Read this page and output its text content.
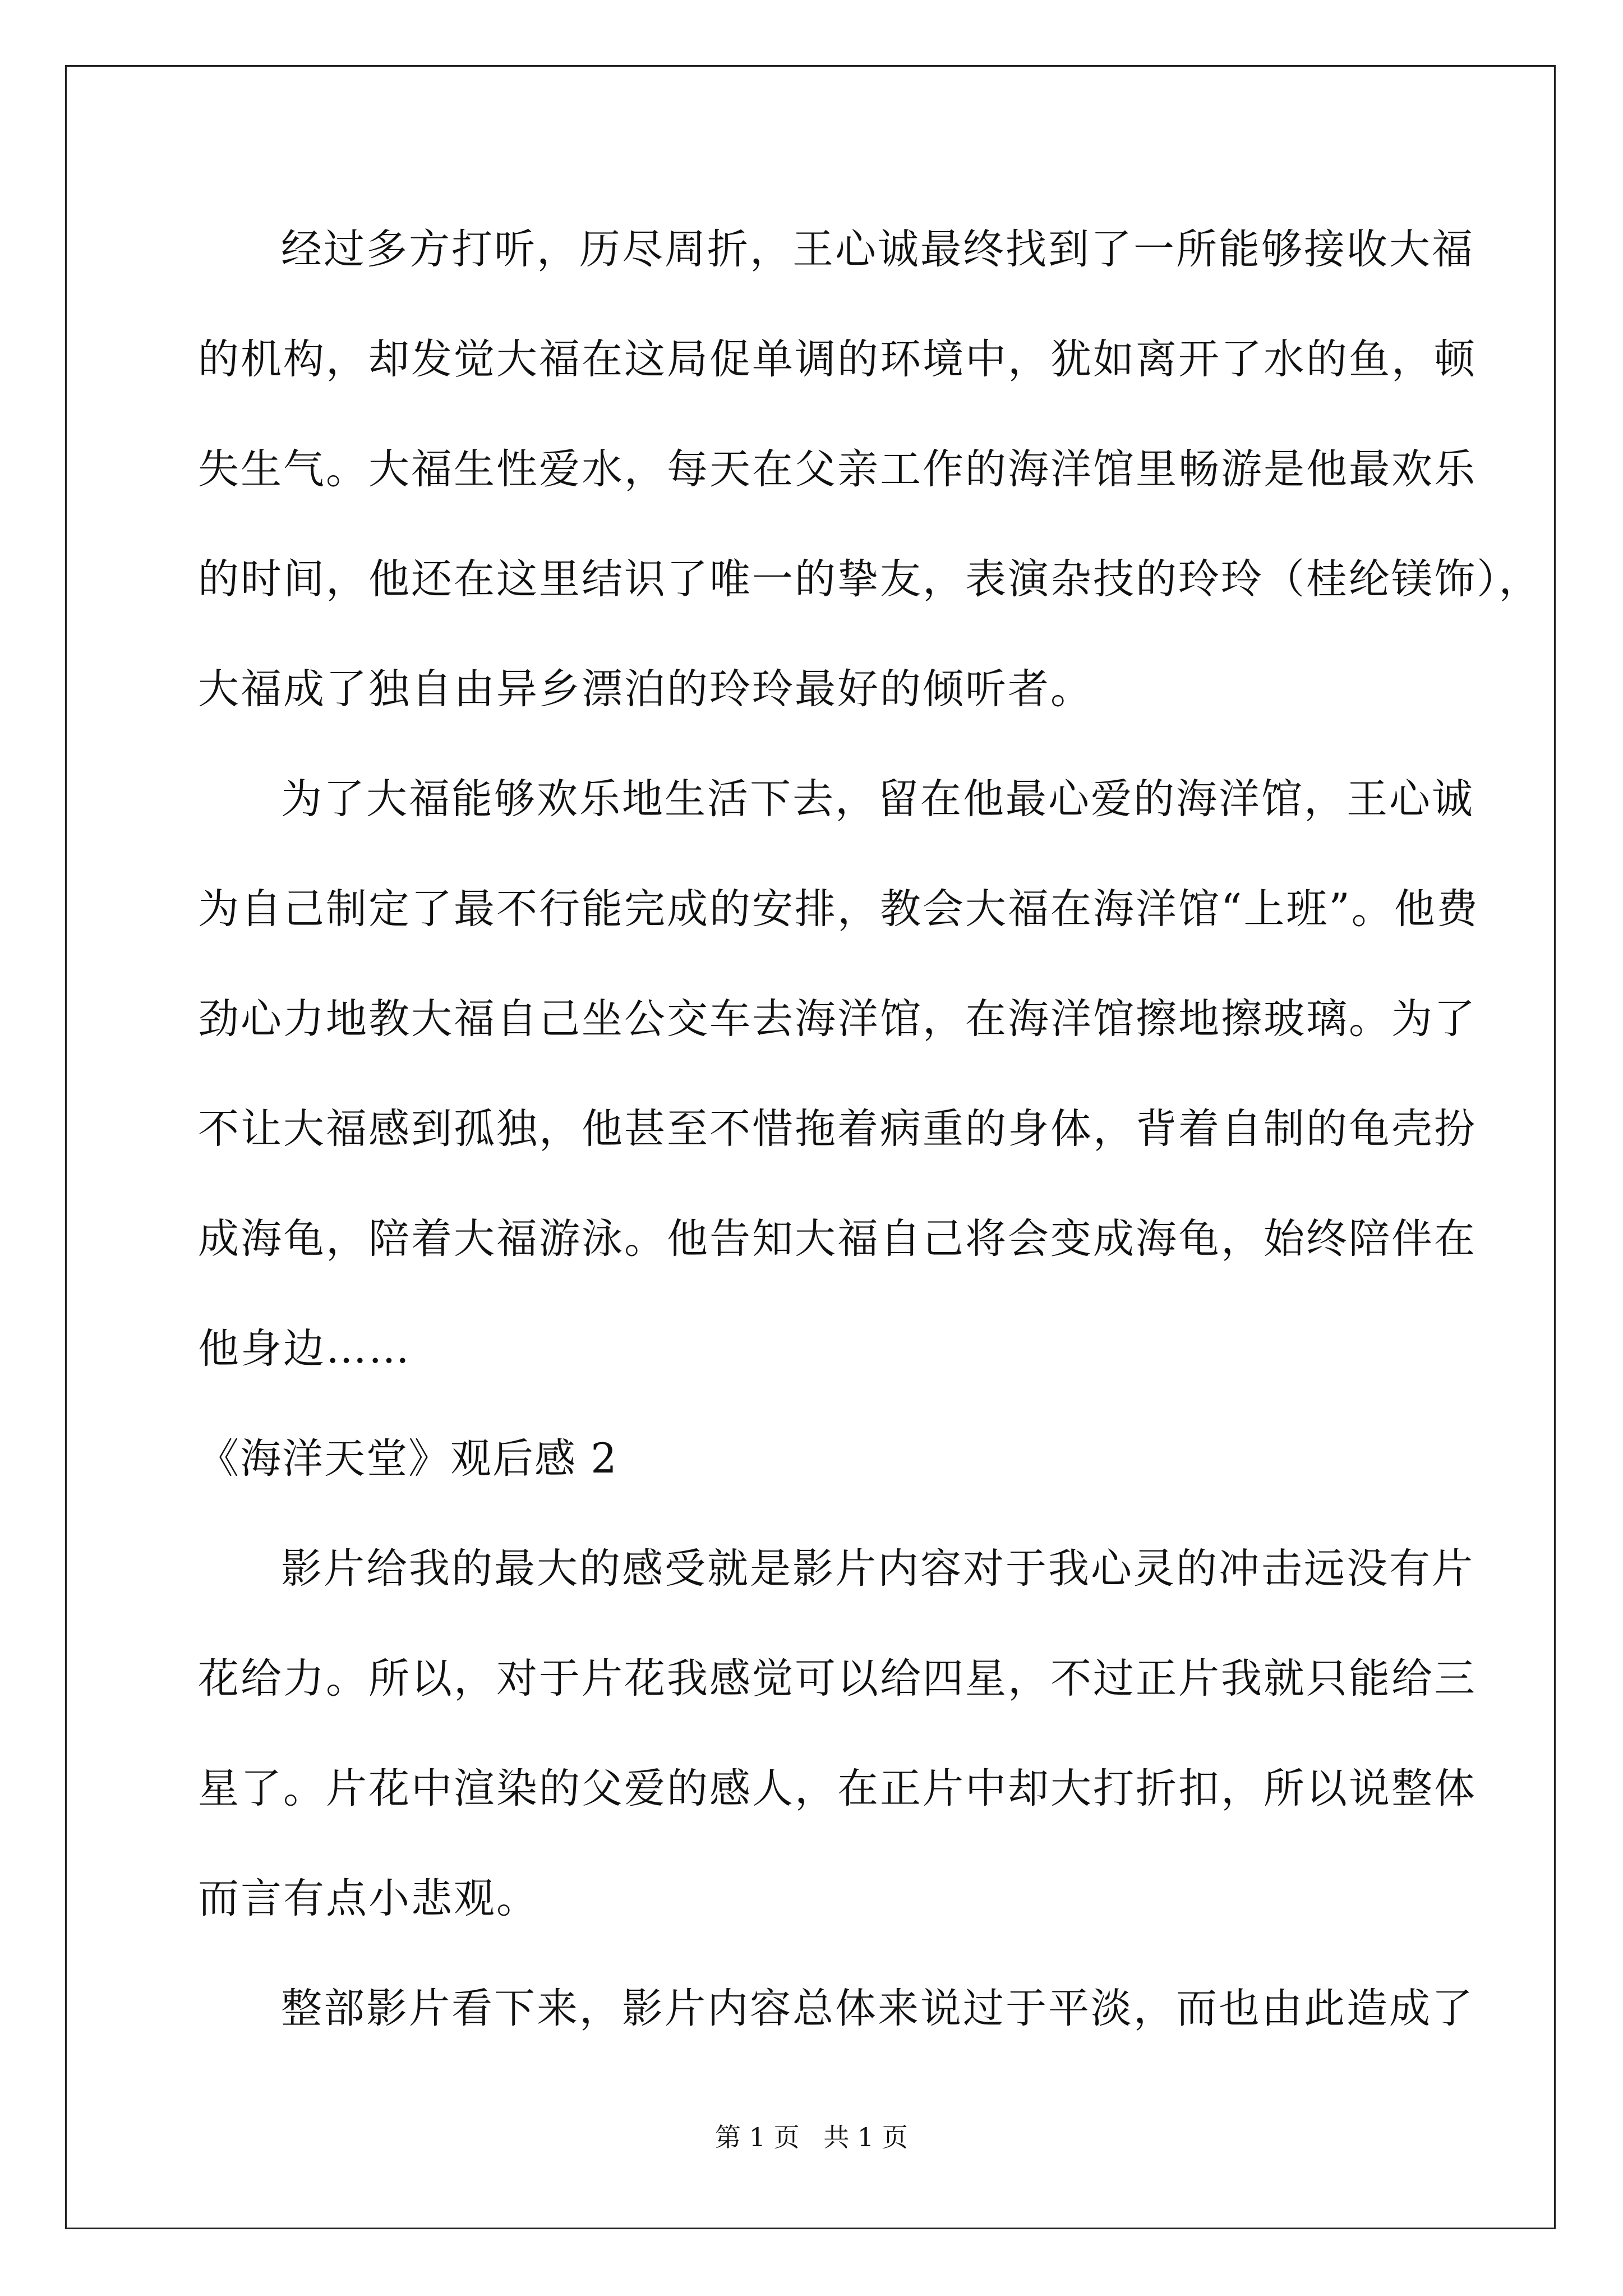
经过多方打听，历尽周折，王心诚最终找到了一所能够接收大福
的机构，却发觉大福在这局促单调的环境中，犹如离开了水的鱼，顿
失生气。大福生性爱水，每天在父亲工作的海洋馆里畅游是他最欢乐
的时间，他还在这里结识了唯一的挚友，表演杂技的玲玲（桂纶镁饰），
大福成了独自由异乡漂泊的玲玲最好的倾听者。
为了大福能够欢乐地生活下去，留在他最心爱的海洋馆，王心诚
为自己制定了最不行能完成的安排，教会大福在海洋馆“上班”。他费
劲心力地教大福自己坐公交车去海洋馆，在海洋馆擦地擦玻璃。为了
不让大福感到孤独，他甚至不惜拖着病重的身体，背着自制的龟壳扮
成海龟，陪着大福游泳。他告知大福自己将会变成海龟，始终陪伴在
他身边……
《海洋天堂》观后感 2
影片给我的最大的感受就是影片内容对于我心灵的冲击远没有片
花给力。所以，对于片花我感觉可以给四星，不过正片我就只能给三
星了。片花中渲染的父爱的感人，在正片中却大打折扣，所以说整体
而言有点小悲观。
整部影片看下来，影片内容总体来说过于平淡，而也由此造成了
第 1 页 共 1 页
